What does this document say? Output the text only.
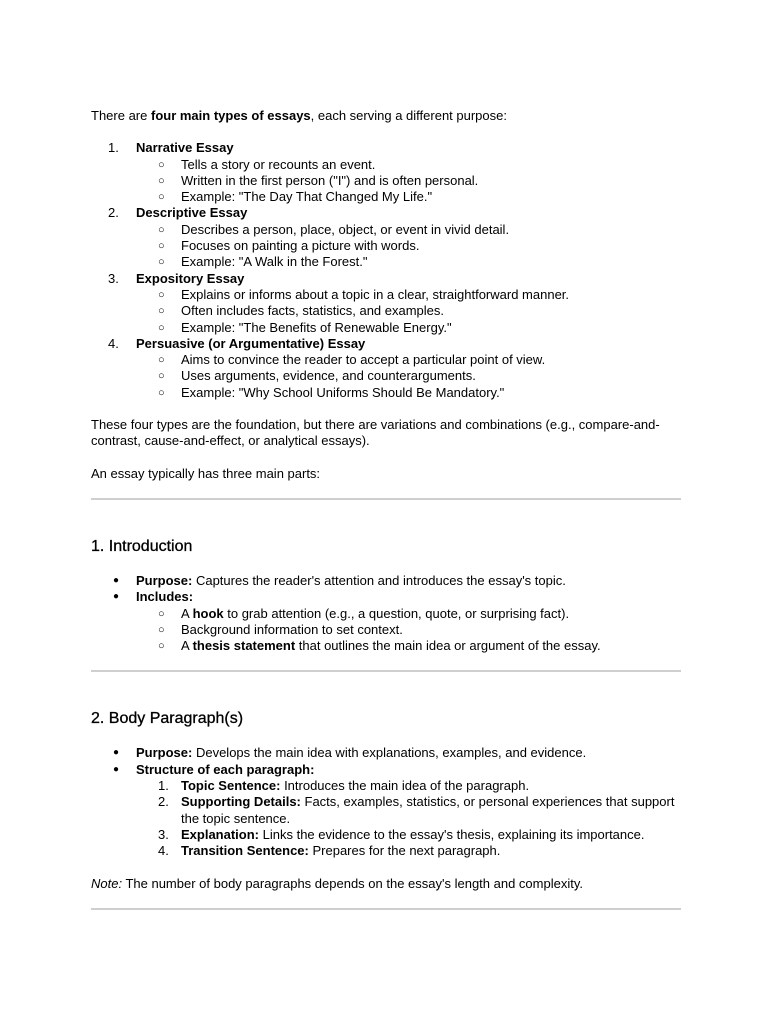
There are four main types of essays, each serving a different purpose:

1.	Narrative Essay
○ Tells a story or recounts an event.
○ Written in the first person ("I") and is often personal.
○ Example: "The Day That Changed My Life."
2.	Descriptive Essay
○ Describes a person, place, object, or event in vivid detail.
○ Focuses on painting a picture with words.
○ Example: "A Walk in the Forest."
3.	Expository Essay
○ Explains or informs about a topic in a clear, straightforward manner.
○ Often includes facts, statistics, and examples.
○ Example: "The Benefits of Renewable Energy."
4.	Persuasive (or Argumentative) Essay
○ Aims to convince the reader to accept a particular point of view.
○ Uses arguments, evidence, and counterarguments.
○ Example: "Why School Uniforms Should Be Mandatory."

These four types are the foundation, but there are variations and combinations (e.g., compare-and-contrast, cause-and-effect, or analytical essays).

An essay typically has three main parts:

1. Introduction
● Purpose: Captures the reader's attention and introduces the essay's topic.
● Includes:
○ A hook to grab attention (e.g., a question, quote, or surprising fact).
○ Background information to set context.
○ A thesis statement that outlines the main idea or argument of the essay.
2. Body Paragraph(s)
● Purpose: Develops the main idea with explanations, examples, and evidence.
● Structure of each paragraph:
1. Topic Sentence: Introduces the main idea of the paragraph.
2. Supporting Details: Facts, examples, statistics, or personal experiences that support the topic sentence.
3. Explanation: Links the evidence to the essay's thesis, explaining its importance.
4. Transition Sentence: Prepares for the next paragraph.

Note: The number of body paragraphs depends on the essay's length and complexity.
